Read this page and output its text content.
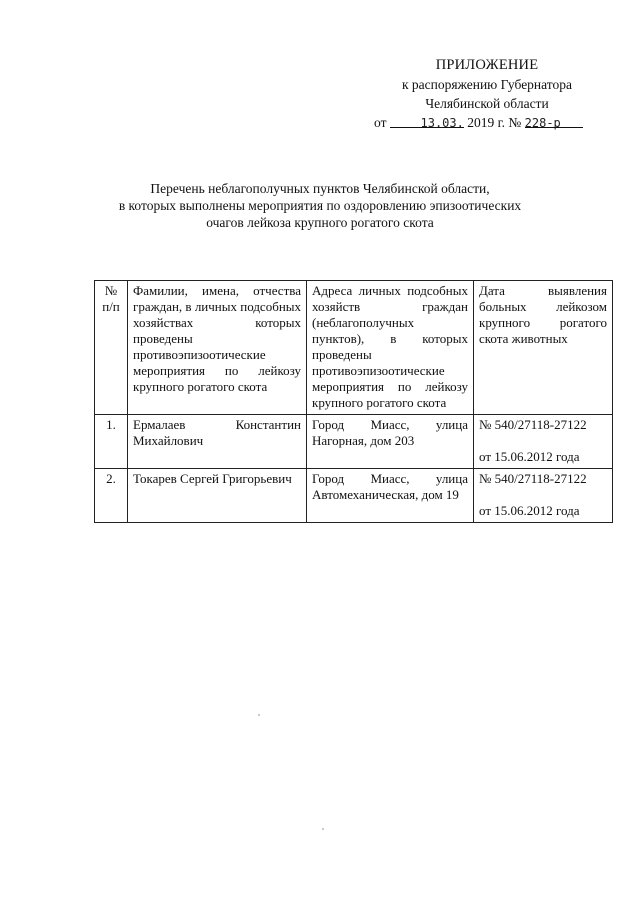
ПРИЛОЖЕНИЕ
к распоряжению Губернатора
Челябинской области
от	13.03. 2019 г. № 228-р
Перечень неблагополучных пунктов Челябинской области,
в которых выполнены мероприятия по оздоровлению эпизоотических
очагов лейкоза крупного рогатого скота
№ п/п	Фамилии, имена, отчества граждан, в личных подсобных хозяйствах которых проведены противоэпизоотические мероприятия по лейкозу крупного рогатого скота	Адреса личных подсобных хозяйств граждан (неблагополучных пунктов), в которых проведены противоэпизоотические мероприятия по лейкозу крупного рогатого скота	Дата выявления больных лейкозом крупного рогатого скота животных
1.	Ермалаев Константин Михайлович	Город Миасс, улица Нагорная, дом 203	№ 540/27118-27122
от 15.06.2012 года

2.	Токарев Сергей Григорьевич	Город Миасс, улица Автомеханическая, дом 19	№ 540/27118-27122
от 15.06.2012 года
